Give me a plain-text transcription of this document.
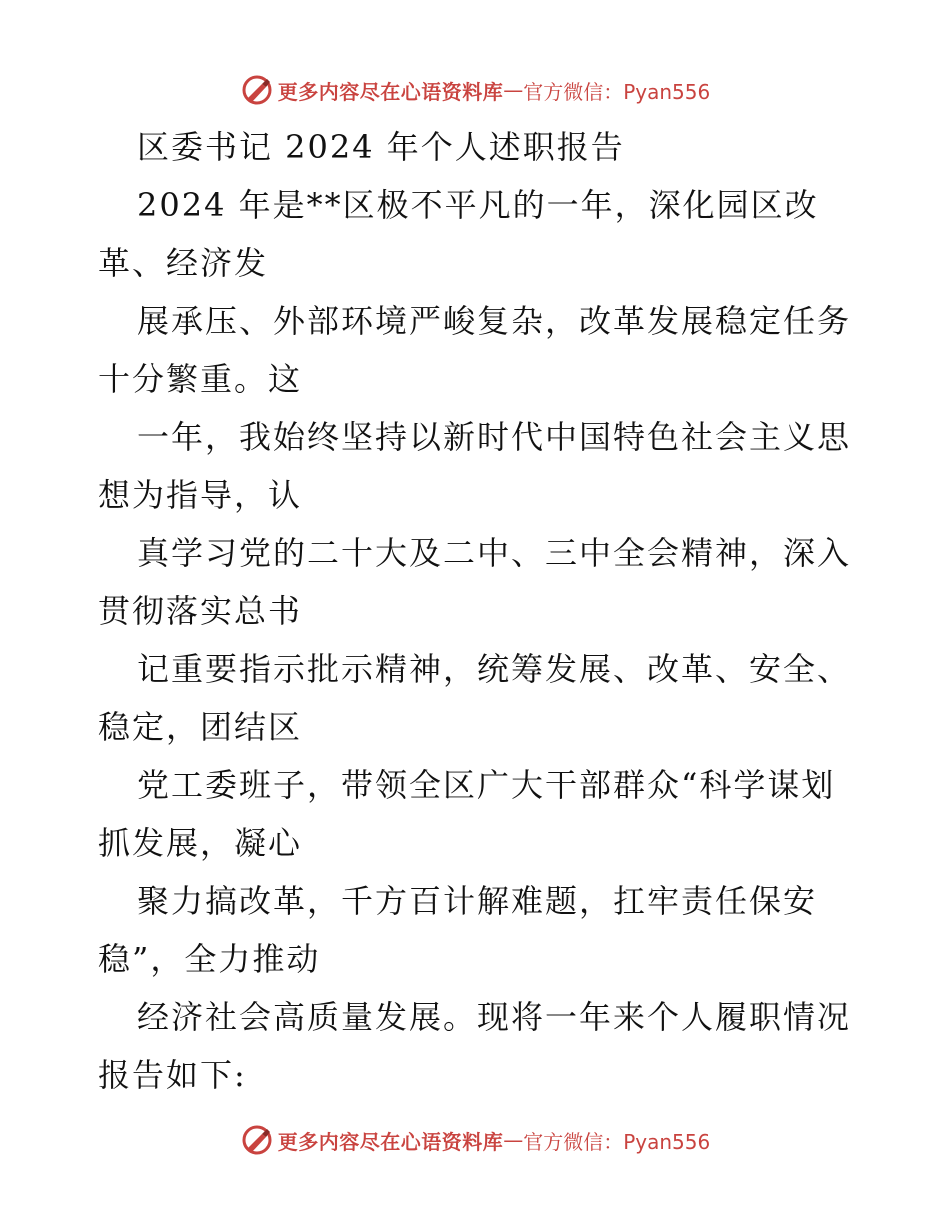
更多内容尽在心语资料库 — 官方微信：Pyan556
区委书记 2024 年个人述职报告
2024 年是**区极不平凡的一年，深化园区改
革、经济发
展承压、外部环境严峻复杂，改革发展稳定任务
十分繁重。这
一年，我始终坚持以新时代中国特色社会主义思
想为指导，认
真学习党的二十大及二中、三中全会精神，深入
贯彻落实总书
记重要指示批示精神，统筹发展、改革、安全、
稳定，团结区
党工委班子，带领全区广大干部群众“科学谋划
抓发展，凝心
聚力搞改革，千方百计解难题，扛牢责任保安
稳”，全力推动
经济社会高质量发展。现将一年来个人履职情况
报告如下:
更多内容尽在心语资料库 — 官方微信：Pyan556
